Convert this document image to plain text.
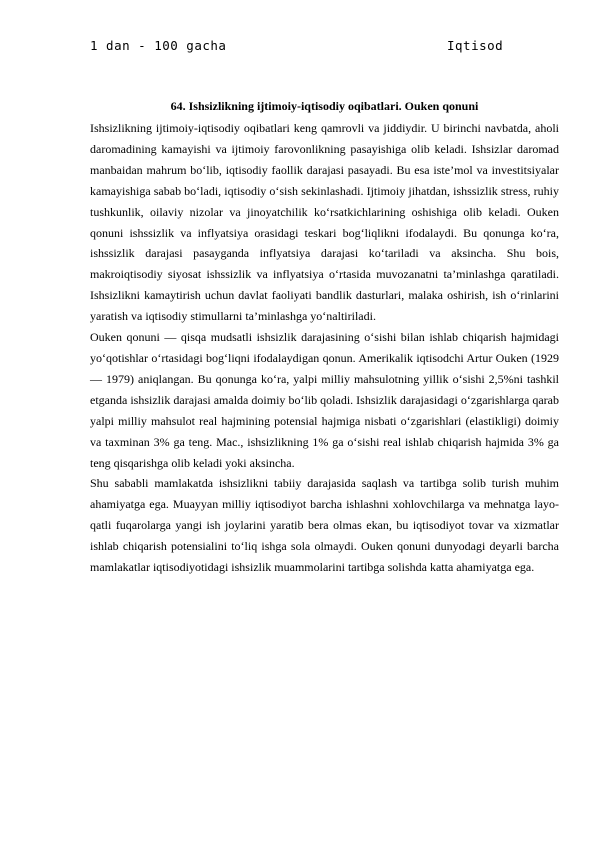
1 dan - 100 gacha	Iqtisod

64. Ishsizlikning ijtimoiy-iqtisodiy oqibatlari. Ouken qonuni

Ishsizlikning ijtimoiy-iqtisodiy oqibatlari keng qamrovli va jiddiydir. U birinchi navbatda, aholi daromadining kamayishi va ijtimoiy farovonlikning pasayishiga olib keladi. Ishsizlar daromad manbaidan mahrum bo‘lib, iqtisodiy faollik darajasi pasayadi. Bu esa iste’mol va investitsiyalar kamayishiga sabab bo‘ladi, iqtisodiy o‘sish sekinlashadi. Ijtimoiy jihatdan, ishssizlik stress, ruhiy tushkunlik, oilaviy nizolar va jinoyatchilik ko‘rsatkichlarining oshishiga olib keladi. Ouken qonuni ishssizlik va inflyatsiya orasidagi teskari bog‘liqlikni ifodalaydi. Bu qonunga ko‘ra, ishssizlik darajasi pasayganda inflyatsiya darajasi ko‘tariladi va aksincha. Shu bois, makroiqtisodiy siyosat ishssizlik va inflyatsiya o‘rtasida muvozanatni ta’minlashga qaratiladi. Ishsizlikni kamaytirish uchun davlat faoliyati bandlik dasturlari, malaka oshirish, ish o‘rinlarini yaratish va iqtisodiy stimullarni ta’minlashga yo‘naltiriladi.

Ouken qonuni — qisqa mudsatli ishsizlik darajasining o‘sishi bilan ishlab chiqarish hajmidagi yo‘qotishlar o‘rtasidagi bog‘liqni ifodalaydigan qonun. Amerikalik iqtisodchi Artur Ouken (1929— 1979) aniqlangan. Bu qonunga ko‘ra, yalpi milliy mahsulotning yillik o‘sishi 2,5%ni tashkil etganda ishsizlik darajasi amalda doimiy bo‘lib qoladi. Ishsizlik darajasidagi o‘zgarishlarga qarab yalpi milliy mahsulot real hajmining potensial hajmiga nisbati o‘zgarishlari (elastikligi) doimiy va taxminan 3% ga teng. Mac., ishsizlikning 1% ga o‘sishi real ishlab chiqarish hajmida 3% ga teng qisqarishga olib keladi yoki aksincha.

Shu sababli mamlakatda ishsizlikni tabiiy darajasida saqlash va tartibga solib turish muhim ahamiyatga ega. Muayyan milliy iqtisodiyot barcha ishlashni xohlovchilarga va mehnatga layo-qatli fuqarolarga yangi ish joylarini yaratib bera olmas ekan, bu iqtisodiyot tovar va xizmatlar ishlab chiqarish potensialini to‘liq ishga sola olmaydi. Ouken qonuni dunyodagi deyarli barcha mamlakatlar iqtisodiyotidagi ishsizlik muammolarini tartibga solishda katta ahamiyatga ega.
